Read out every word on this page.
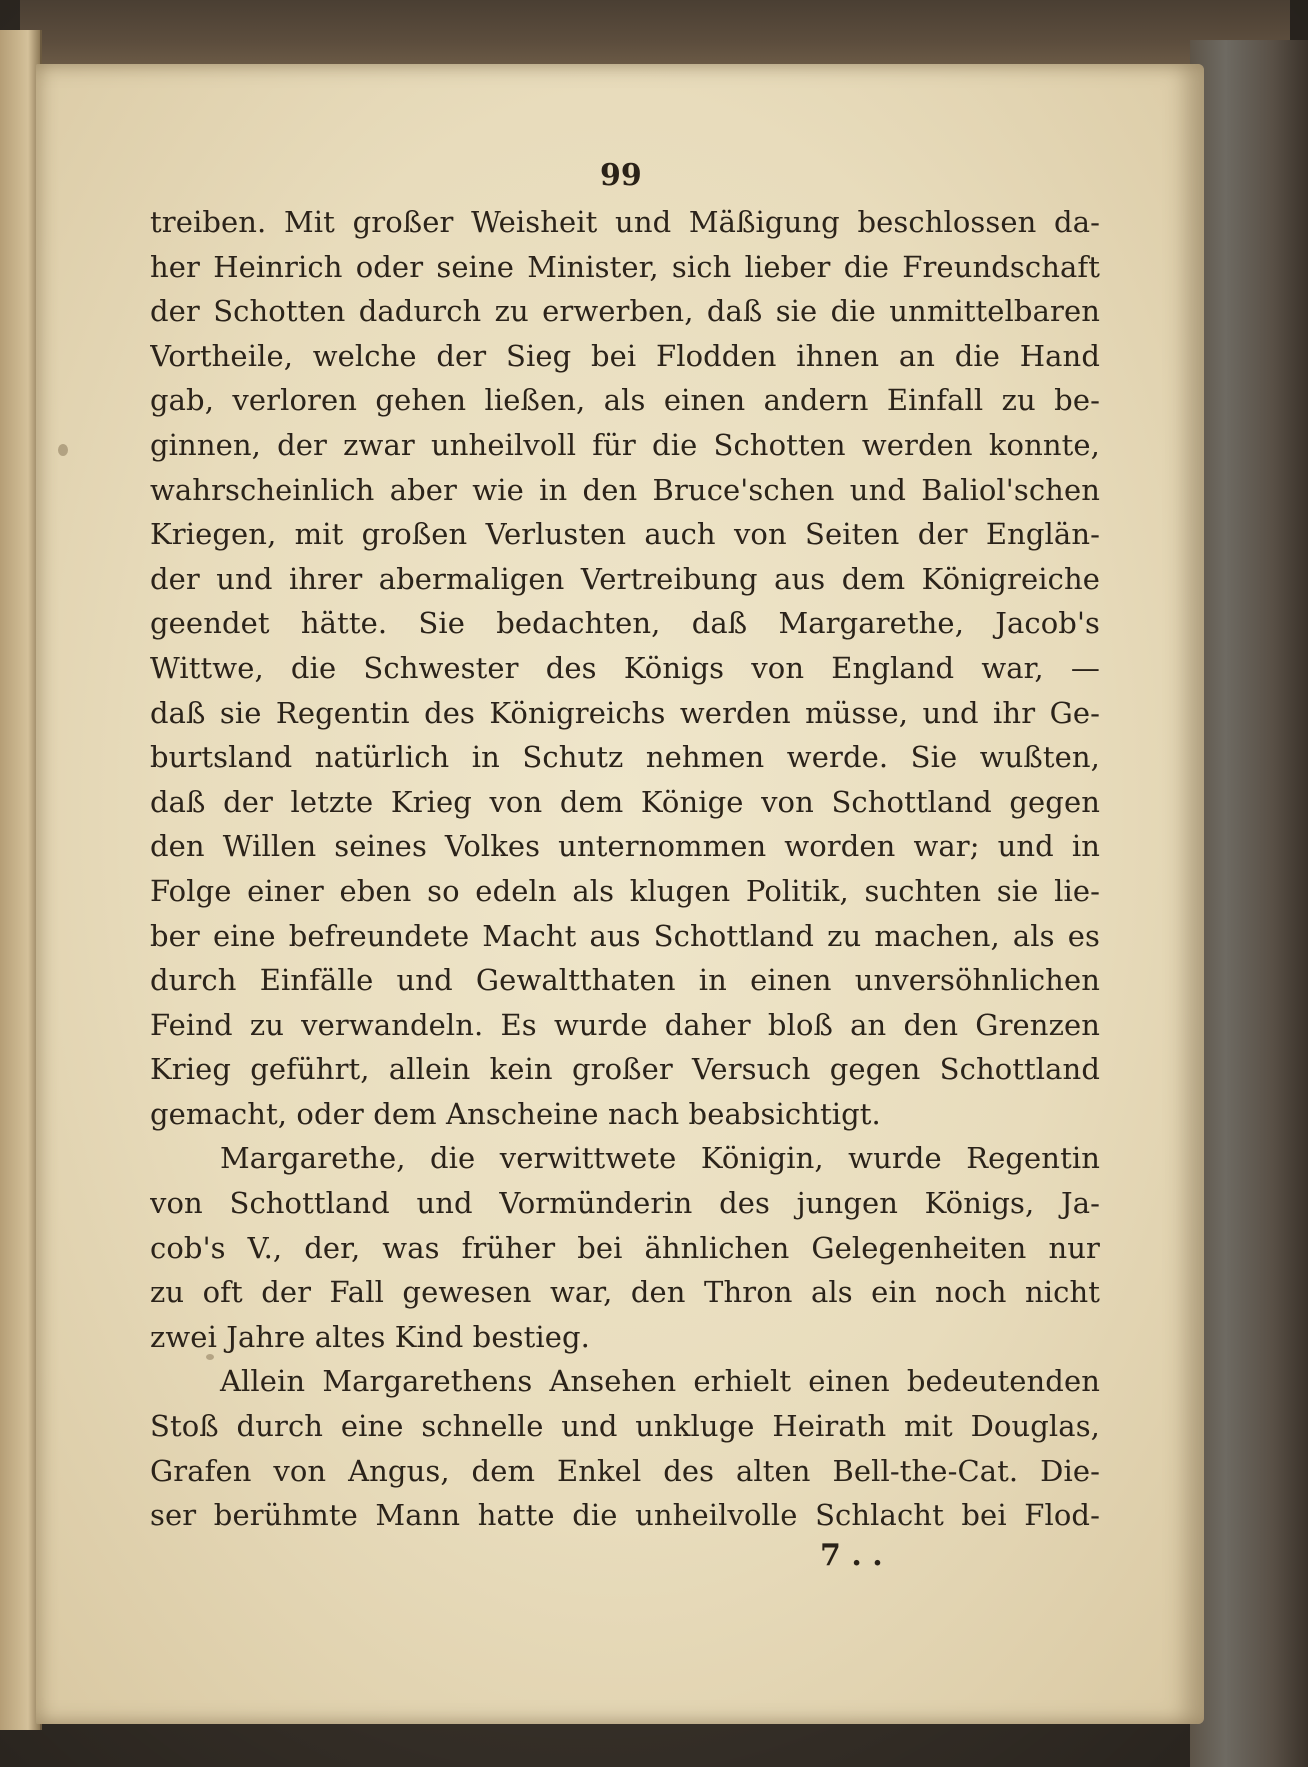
99
treiben. Mit großer Weisheit und Mäßigung beschlossen da-
her Heinrich oder seine Minister, sich lieber die Freundschaft
der Schotten dadurch zu erwerben, daß sie die unmittelbaren
Vortheile, welche der Sieg bei Flodden ihnen an die Hand
gab, verloren gehen ließen, als einen andern Einfall zu be-
ginnen, der zwar unheilvoll für die Schotten werden konnte,
wahrscheinlich aber wie in den Bruce'schen und Baliol'schen
Kriegen, mit großen Verlusten auch von Seiten der Englän-
der und ihrer abermaligen Vertreibung aus dem Königreiche
geendet hätte. Sie bedachten, daß Margarethe, Jacob's
Wittwe, die Schwester des Königs von England war, —
daß sie Regentin des Königreichs werden müsse, und ihr Ge-
burtsland natürlich in Schutz nehmen werde. Sie wußten,
daß der letzte Krieg von dem Könige von Schottland gegen
den Willen seines Volkes unternommen worden war; und in
Folge einer eben so edeln als klugen Politik, suchten sie lie-
ber eine befreundete Macht aus Schottland zu machen, als es
durch Einfälle und Gewaltthaten in einen unversöhnlichen
Feind zu verwandeln. Es wurde daher bloß an den Grenzen
Krieg geführt, allein kein großer Versuch gegen Schottland
gemacht, oder dem Anscheine nach beabsichtigt.
Margarethe, die verwittwete Königin, wurde Regentin
von Schottland und Vormünderin des jungen Königs, Ja-
cob's V., der, was früher bei ähnlichen Gelegenheiten nur
zu oft der Fall gewesen war, den Thron als ein noch nicht
zwei Jahre altes Kind bestieg.
Allein Margarethens Ansehen erhielt einen bedeutenden
Stoß durch eine schnelle und unkluge Heirath mit Douglas,
Grafen von Angus, dem Enkel des alten Bell-the-Cat. Die-
ser berühmte Mann hatte die unheilvolle Schlacht bei Flod-
7 . .
